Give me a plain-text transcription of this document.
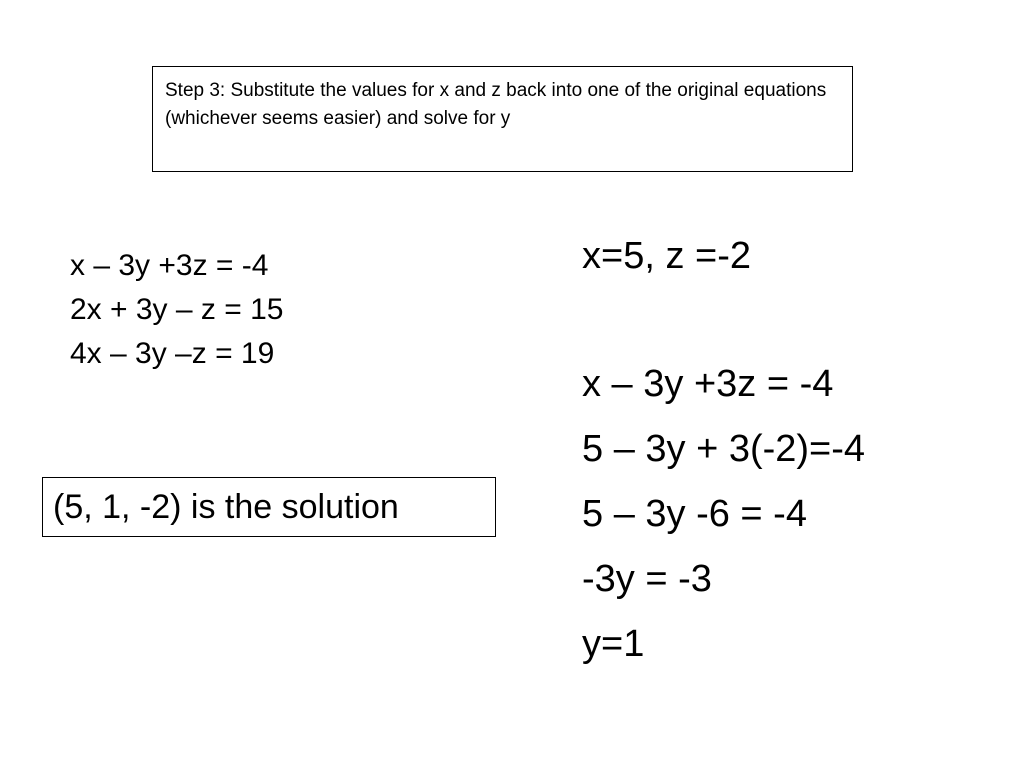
Step 3: Substitute the values for x and z back into one of the original equations (whichever seems easier) and solve for y
x – 3y +3z = -4
2x + 3y – z = 15
4x – 3y –z = 19
(5, 1, -2) is the solution
x=5, z =-2
x – 3y +3z = -4
5 – 3y + 3(-2)=-4
5 – 3y -6 = -4
-3y = -3
y=1
